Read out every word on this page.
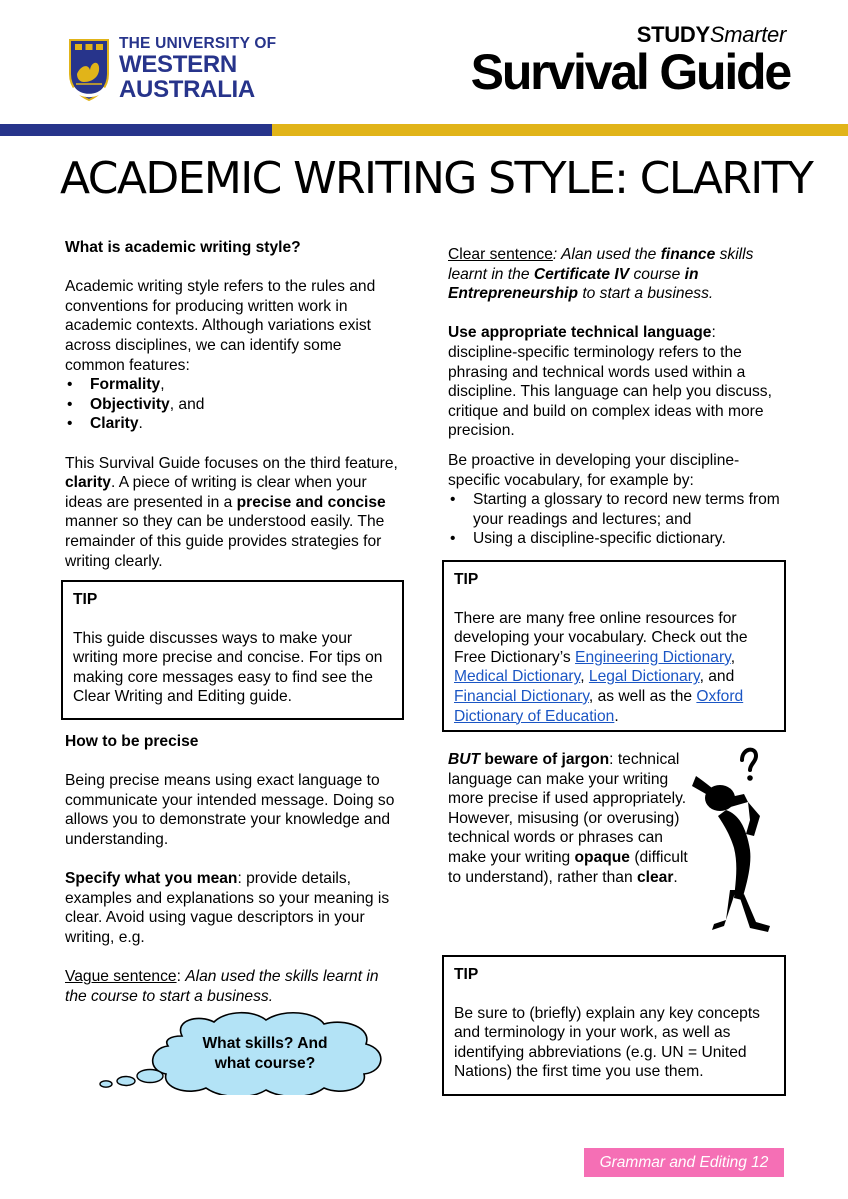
THE UNIVERSITY OF
WESTERN
AUSTRALIA
STUDYSmarter
Survival Guide
ACADEMIC WRITING STYLE: CLARITY

What is academic writing style?

Academic writing style refers to the rules and conventions for producing written work in academic contexts. Although variations exist across disciplines, we can identify some common features:

• Formality,
• Objectivity, and
• Clarity.

This Survival Guide focuses on the third feature, clarity. A piece of writing is clear when your ideas are presented in a precise and concise manner so they can be understood easily. The remainder of this guide provides strategies for writing clearly.

TIP
This guide discusses ways to make your writing more precise and concise. For tips on making core messages easy to find see the Clear Writing and Editing guide.

How to be precise

Being precise means using exact language to communicate your intended message. Doing so allows you to demonstrate your knowledge and understanding.

Specify what you mean: provide details, examples and explanations so your meaning is clear. Avoid using vague descriptors in your writing, e.g.

Vague sentence: Alan used the skills learnt in the course to start a business.

What skills? And what course?

Clear sentence: Alan used the finance skills learnt in the Certificate IV course in Entrepreneurship to start a business.

Use appropriate technical language: discipline-specific terminology refers to the phrasing and technical words used within a discipline. This language can help you discuss, critique and build on complex ideas with more precision.

Be proactive in developing your discipline-specific vocabulary, for example by:

• Starting a glossary to record new terms from your readings and lectures; and
• Using a discipline-specific dictionary.
TIP
There are many free online resources for developing your vocabulary. Check out the Free Dictionary’s Engineering Dictionary, Medical Dictionary, Legal Dictionary, and Financial Dictionary, as well as the Oxford Dictionary of Education.

BUT beware of jargon: technical language can make your writing more precise if used appropriately. However, misusing (or overusing) technical words or phrases can make your writing opaque (difficult to understand), rather than clear.

TIP
Be sure to (briefly) explain any key concepts and terminology in your work, as well as identifying abbreviations (e.g. UN = United Nations) the first time you use them.
Grammar and Editing 12
